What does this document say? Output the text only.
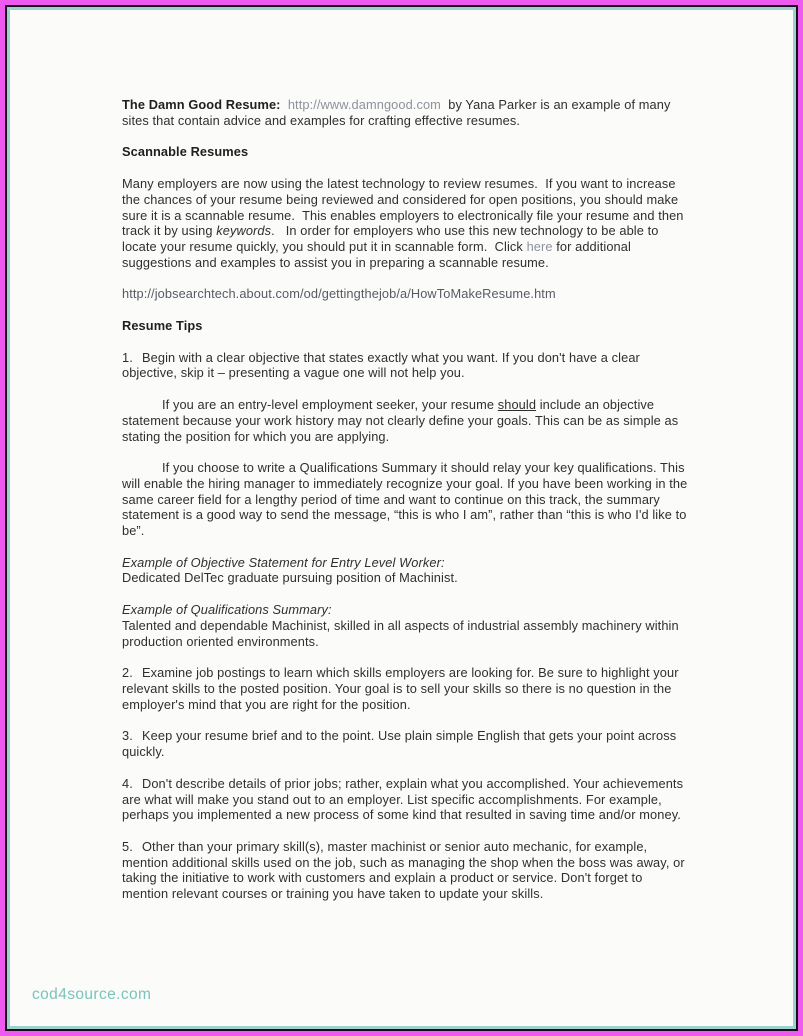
The Damn Good Resume:  http://www.damngood.com  by Yana Parker is an example of many sites that contain advice and examples for crafting effective resumes.

Scannable Resumes

Many employers are now using the latest technology to review resumes.  If you want to increase the chances of your resume being reviewed and considered for open positions, you should make sure it is a scannable resume.  This enables employers to electronically file your resume and then track it by using keywords.   In order for employers who use this new technology to be able to locate your resume quickly, you should put it in scannable form.  Click here for additional suggestions and examples to assist you in preparing a scannable resume.

http://jobsearchtech.about.com/od/gettingthejob/a/HowToMakeResume.htm

Resume Tips

1. Begin with a clear objective that states exactly what you want. If you don't have a clear objective, skip it – presenting a vague one will not help you.

If you are an entry-level employment seeker, your resume should include an objective statement because your work history may not clearly define your goals. This can be as simple as stating the position for which you are applying.

If you choose to write a Qualifications Summary it should relay your key qualifications. This will enable the hiring manager to immediately recognize your goal. If you have been working in the same career field for a lengthy period of time and want to continue on this track, the summary statement is a good way to send the message, “this is who I am”, rather than “this is who I'd like to be”.

Example of Objective Statement for Entry Level Worker:
Dedicated DelTec graduate pursuing position of Machinist.

Example of Qualifications Summary:
Talented and dependable Machinist, skilled in all aspects of industrial assembly machinery within production oriented environments.

2. Examine job postings to learn which skills employers are looking for. Be sure to highlight your relevant skills to the posted position. Your goal is to sell your skills so there is no question in the employer's mind that you are right for the position.

3. Keep your resume brief and to the point. Use plain simple English that gets your point across quickly.

4. Don't describe details of prior jobs; rather, explain what you accomplished. Your achievements are what will make you stand out to an employer. List specific accomplishments. For example, perhaps you implemented a new process of some kind that resulted in saving time and/or money.

5. Other than your primary skill(s), master machinist or senior auto mechanic, for example, mention additional skills used on the job, such as managing the shop when the boss was away, or taking the initiative to work with customers and explain a product or service. Don't forget to mention relevant courses or training you have taken to update your skills.

cod4source.com
